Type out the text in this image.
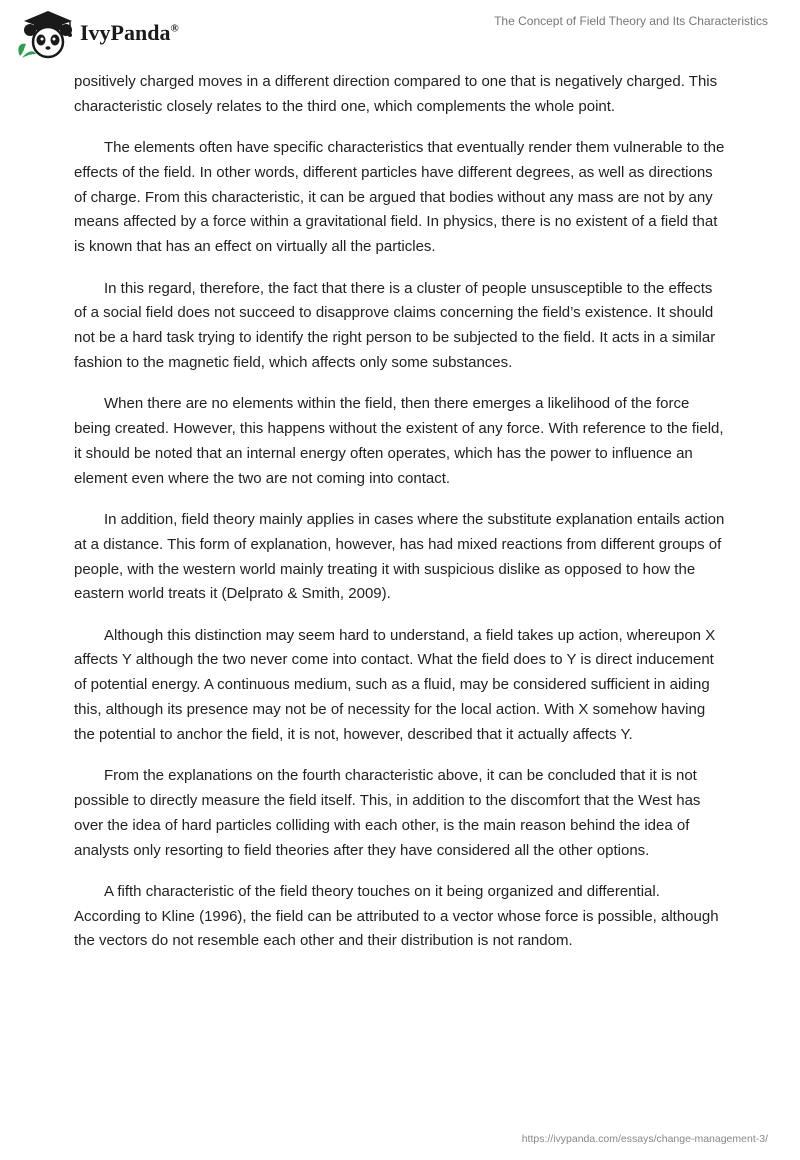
IvyPanda®
The Concept of Field Theory and Its Characteristics

positively charged moves in a different direction compared to one that is negatively charged. This characteristic closely relates to the third one, which complements the whole point.

The elements often have specific characteristics that eventually render them vulnerable to the effects of the field. In other words, different particles have different degrees, as well as directions of charge. From this characteristic, it can be argued that bodies without any mass are not by any means affected by a force within a gravitational field. In physics, there is no existent of a field that is known that has an effect on virtually all the particles.

In this regard, therefore, the fact that there is a cluster of people unsusceptible to the effects of a social field does not succeed to disapprove claims concerning the field’s existence. It should not be a hard task trying to identify the right person to be subjected to the field. It acts in a similar fashion to the magnetic field, which affects only some substances.

When there are no elements within the field, then there emerges a likelihood of the force being created. However, this happens without the existent of any force. With reference to the field, it should be noted that an internal energy often operates, which has the power to influence an element even where the two are not coming into contact.

In addition, field theory mainly applies in cases where the substitute explanation entails action at a distance. This form of explanation, however, has had mixed reactions from different groups of people, with the western world mainly treating it with suspicious dislike as opposed to how the eastern world treats it (Delprato & Smith, 2009).

Although this distinction may seem hard to understand, a field takes up action, whereupon X affects Y although the two never come into contact. What the field does to Y is direct inducement of potential energy. A continuous medium, such as a fluid, may be considered sufficient in aiding this, although its presence may not be of necessity for the local action. With X somehow having the potential to anchor the field, it is not, however, described that it actually affects Y.

From the explanations on the fourth characteristic above, it can be concluded that it is not possible to directly measure the field itself. This, in addition to the discomfort that the West has over the idea of hard particles colliding with each other, is the main reason behind the idea of analysts only resorting to field theories after they have considered all the other options.

A fifth characteristic of the field theory touches on it being organized and differential. According to Kline (1996), the field can be attributed to a vector whose force is possible, although the vectors do not resemble each other and their distribution is not random.

https://ivypanda.com/essays/change-management-3/
